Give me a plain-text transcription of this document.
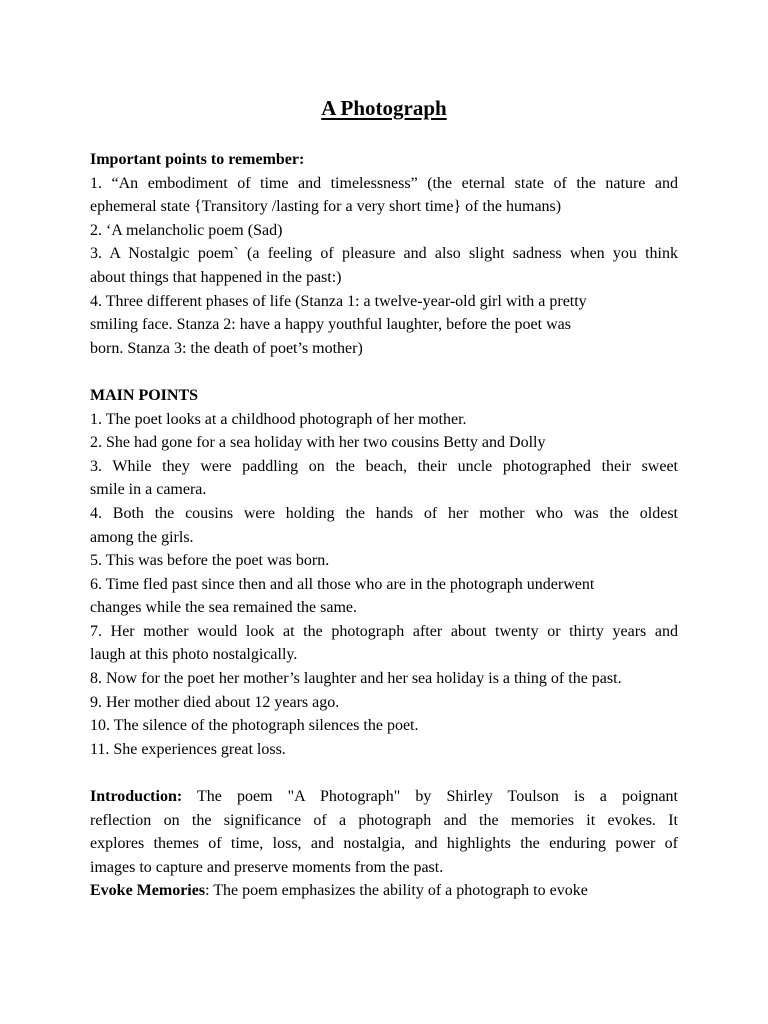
A Photograph
Important points to remember:
1. “An embodiment of time and timelessness” (the eternal state of the nature and
ephemeral state {Transitory /lasting for a very short time} of the humans)
2. ‘A melancholic poem (Sad)
3. A Nostalgic poem` (a feeling of pleasure and also slight sadness when you think
about things that happened in the past:)
4. Three different phases of life (Stanza 1: a twelve-year-old girl with a pretty
smiling face. Stanza 2: have a happy youthful laughter, before the poet was
born. Stanza 3: the death of poet’s mother)
MAIN POINTS
1. The poet looks at a childhood photograph of her mother.
2. She had gone for a sea holiday with her two cousins Betty and Dolly
3. While they were paddling on the beach, their uncle photographed their sweet
smile in a camera.
4. Both the cousins were holding the hands of her mother who was the oldest
among the girls.
5. This was before the poet was born.
6. Time fled past since then and all those who are in the photograph underwent
changes while the sea remained the same.
7. Her mother would look at the photograph after about twenty or thirty years and
laugh at this photo nostalgically.
8. Now for the poet her mother’s laughter and her sea holiday is a thing of the past.
9. Her mother died about 12 years ago.
10. The silence of the photograph silences the poet.
11. She experiences great loss.
Introduction: The poem "A Photograph" by Shirley Toulson is a poignant
reflection on the significance of a photograph and the memories it evokes. It
explores themes of time, loss, and nostalgia, and highlights the enduring power of
images to capture and preserve moments from the past.
Evoke Memories: The poem emphasizes the ability of a photograph to evoke
